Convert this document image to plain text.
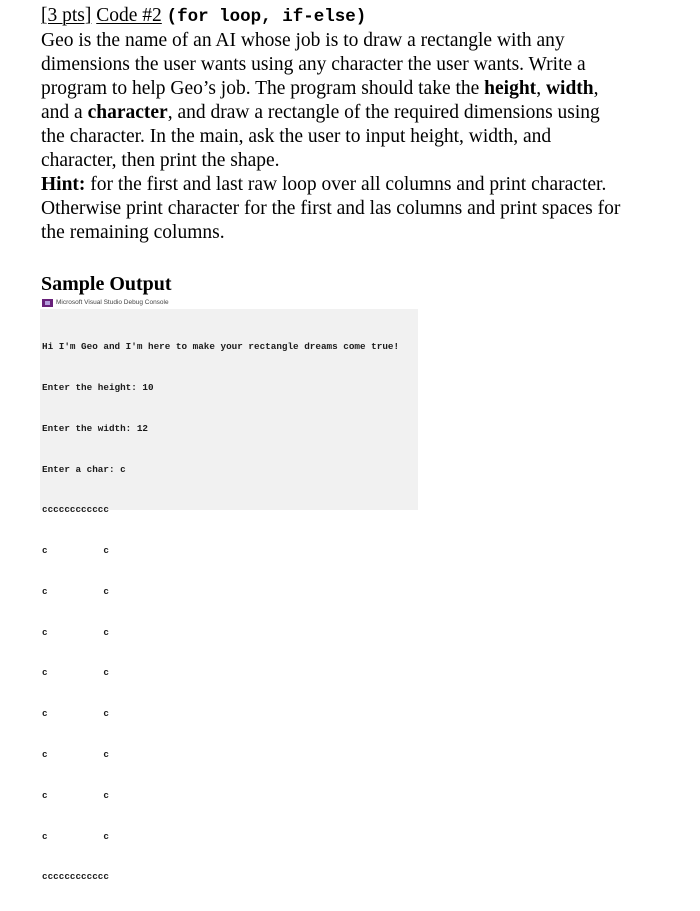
[3 pts] Code #2 (for loop, if-else)

Geo is the name of an AI whose job is to draw a rectangle with any
dimensions the user wants using any character the user wants. Write a
program to help Geo’s job. The program should take the height, width,
and a character, and draw a rectangle of the required dimensions using
the character. In the main, ask the user to input height, width, and
character, then print the shape.
Hint: for the first and last raw loop over all columns and print character.
Otherwise print character for the first and las columns and print spaces for
the remaining columns.

Sample Output
Microsoft Visual Studio Debug Console

Hi I'm Geo and I'm here to make your rectangle dreams come true!

Enter the height: 10

Enter the width: 12

Enter a char: c

cccccccccccc

c          c

c          c

c          c

c          c

c          c

c          c

c          c

c          c

cccccccccccc
